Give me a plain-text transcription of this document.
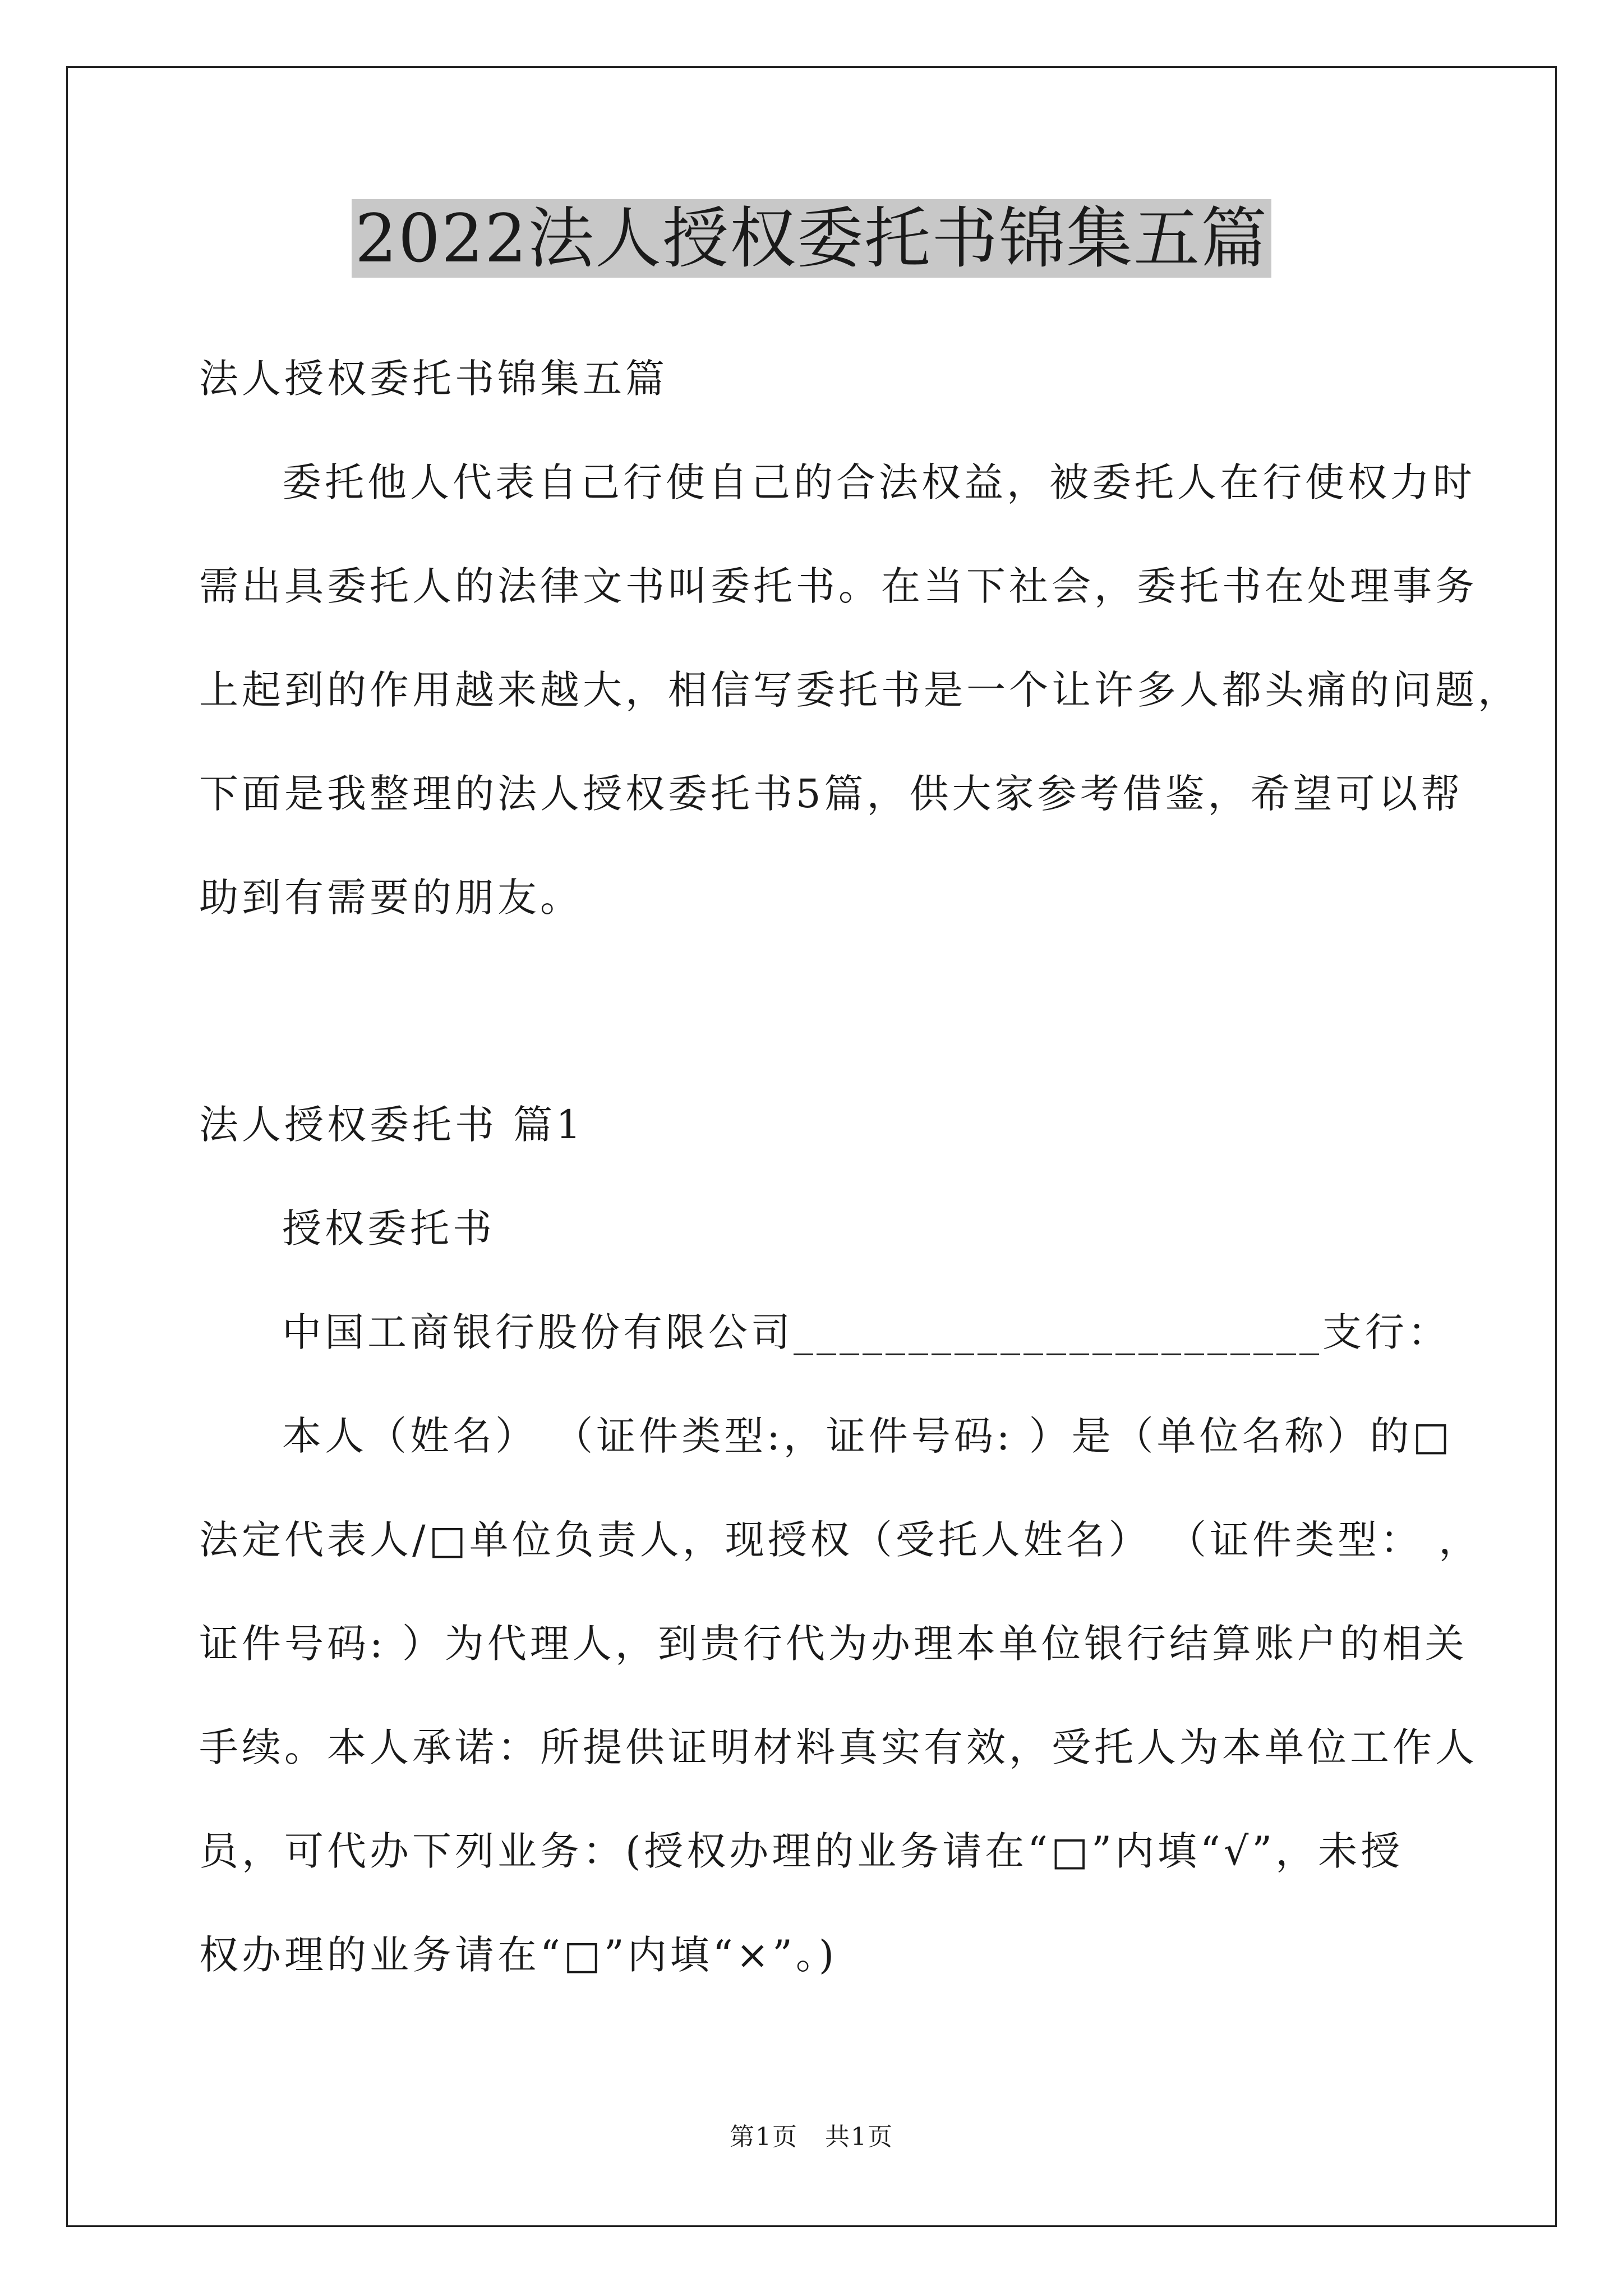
2022法人授权委托书锦集五篇
法人授权委托书锦集五篇
委托他人代表自己行使自己的合法权益，被委托人在行使权力时
需出具委托人的法律文书叫委托书。在当下社会，委托书在处理事务
上起到的作用越来越大，相信写委托书是一个让许多人都头痛的问题，
下面是我整理的法人授权委托书5篇，供大家参考借鉴，希望可以帮
助到有需要的朋友。
法人授权委托书 篇1
授权委托书
中国工商银行股份有限公司_______________________支行：
本人（姓名） （证件类型:，证件号码: ）是（单位名称）的□
法定代表人/□单位负责人，现授权（受托人姓名） （证件类型： ，
证件号码: ）为代理人，到贵行代为办理本单位银行结算账户的相关
手续。本人承诺：所提供证明材料真实有效，受托人为本单位工作人
员，可代办下列业务：(授权办理的业务请在“□”内填“√”，未授
权办理的业务请在“□”内填“×”。)
第1页 共1页
